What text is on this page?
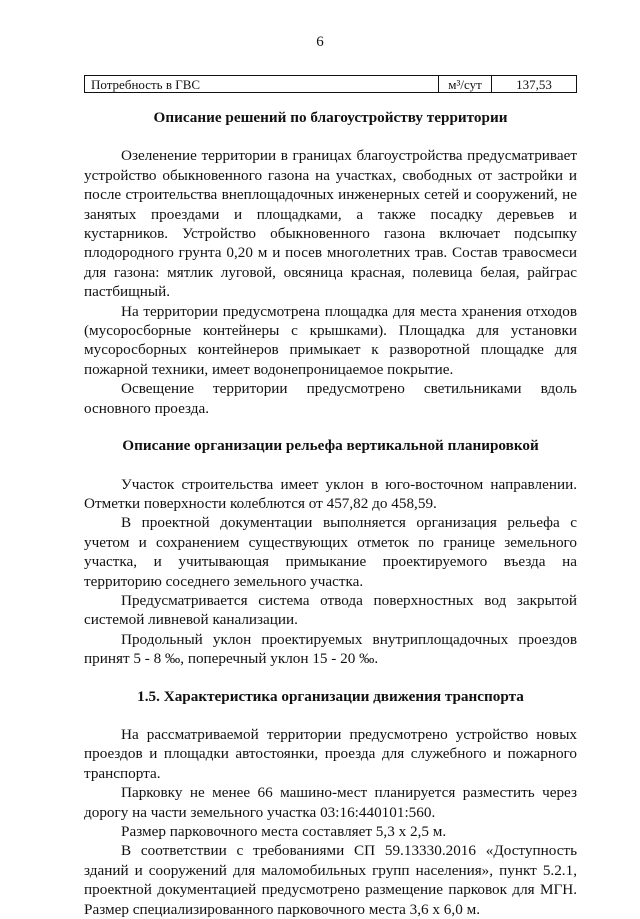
6
Потребность в ГВС	м³/сут	137,53
Описание решений по благоустройству территории

Озеленение территории в границах благоустройства предусматривает устройство обыкновенного газона на участках, свободных от застройки и после строительства внеплощадочных инженерных сетей и сооружений, не занятых проездами и площадками, а также посадку деревьев и кустарников. Устройство обыкновенного газона включает подсыпку плодородного грунта 0,20 м и посев многолетних трав. Состав травосмеси для газона: мятлик луговой, овсяница красная, полевица белая, райграс пастбищный.

На территории предусмотрена площадка для места хранения отходов (мусоросборные контейнеры с крышками). Площадка для установки мусоросборных контейнеров примыкает к разворотной площадке для пожарной техники, имеет водонепроницаемое покрытие.

Освещение территории предусмотрено светильниками вдоль основного проезда.

Описание организации рельефа вертикальной планировкой

Участок строительства имеет уклон в юго-восточном направлении. Отметки поверхности колеблются от 457,82 до 458,59.

В проектной документации выполняется организация рельефа с учетом и сохранением существующих отметок по границе земельного участка, и учитывающая примыкание проектируемого въезда на территорию соседнего земельного участка.

Предусматривается система отвода поверхностных вод закрытой системой ливневой канализации.

Продольный уклон проектируемых внутриплощадочных проездов принят 5 - 8 ‰, поперечный уклон 15 - 20 ‰.

1.5. Характеристика организации движения транспорта

На рассматриваемой территории предусмотрено устройство новых проездов и площадки автостоянки, проезда для служебного и пожарного транспорта.

Парковку не менее 66 машино-мест планируется разместить через дорогу на части земельного участка 03:16:440101:560.

Размер парковочного места составляет 5,3 х 2,5 м.

В соответствии с требованиями СП 59.13330.2016 «Доступность зданий и сооружений для маломобильных групп населения», пункт 5.2.1, проектной документацией предусмотрено размещение парковок для МГН. Размер специализированного парковочного места 3,6 х 6,0 м.
